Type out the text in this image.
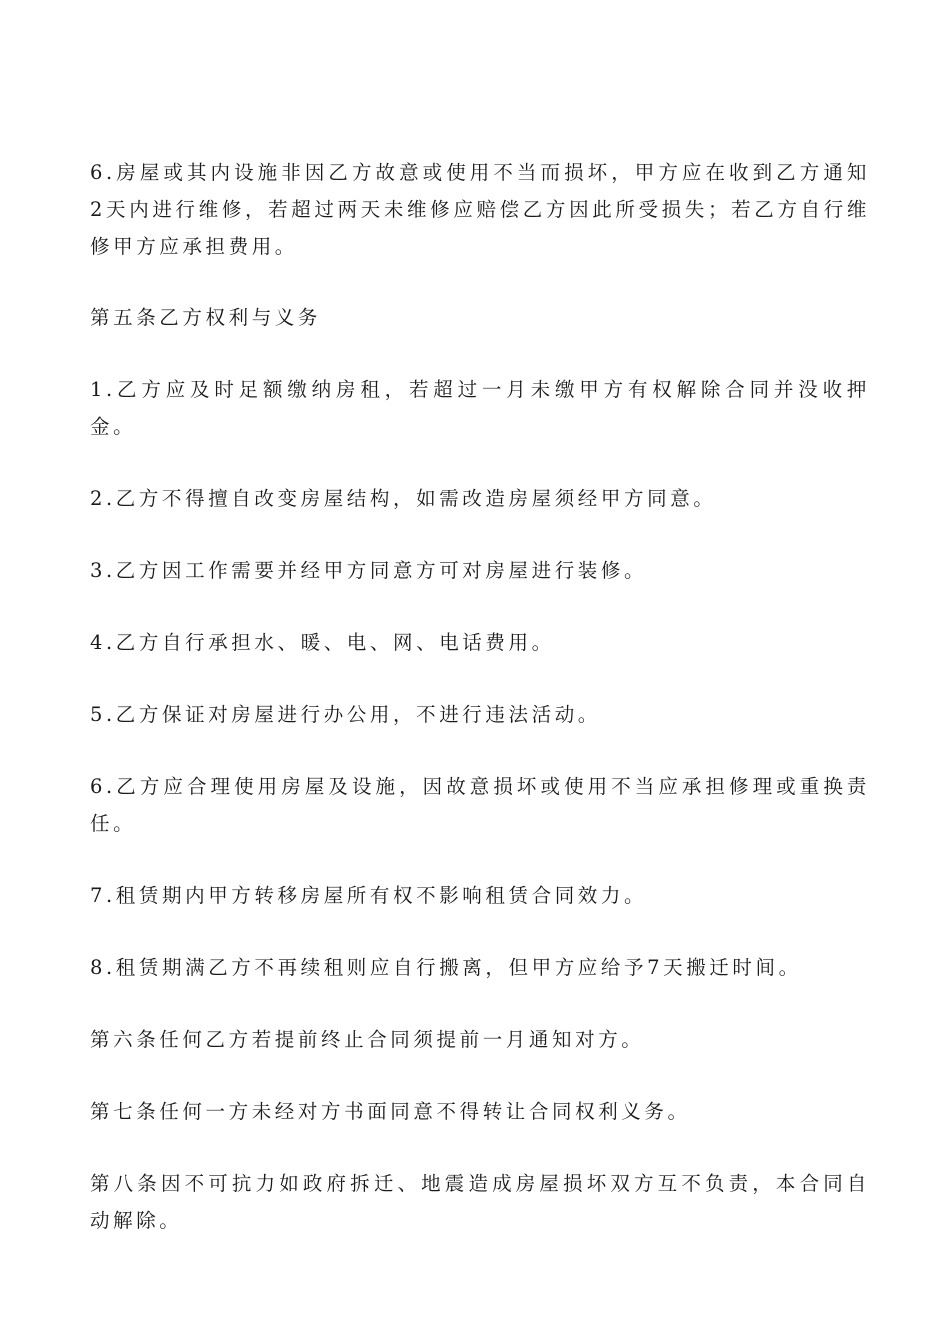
6.房屋或其内设施非因乙方故意或使用不当而损坏，甲方应在收到乙方通知2天内进行维修，若超过两天未维修应赔偿乙方因此所受损失；若乙方自行维修甲方应承担费用。

第五条乙方权利与义务

1.乙方应及时足额缴纳房租，若超过一月未缴甲方有权解除合同并没收押金。

2.乙方不得擅自改变房屋结构，如需改造房屋须经甲方同意。

3.乙方因工作需要并经甲方同意方可对房屋进行装修。

4.乙方自行承担水、暖、电、网、电话费用。

5.乙方保证对房屋进行办公用，不进行违法活动。

6.乙方应合理使用房屋及设施，因故意损坏或使用不当应承担修理或重换责任。

7.租赁期内甲方转移房屋所有权不影响租赁合同效力。

8.租赁期满乙方不再续租则应自行搬离，但甲方应给予7天搬迁时间。

第六条任何乙方若提前终止合同须提前一月通知对方。

第七条任何一方未经对方书面同意不得转让合同权利义务。

第八条因不可抗力如政府拆迁、地震造成房屋损坏双方互不负责，本合同自动解除。
